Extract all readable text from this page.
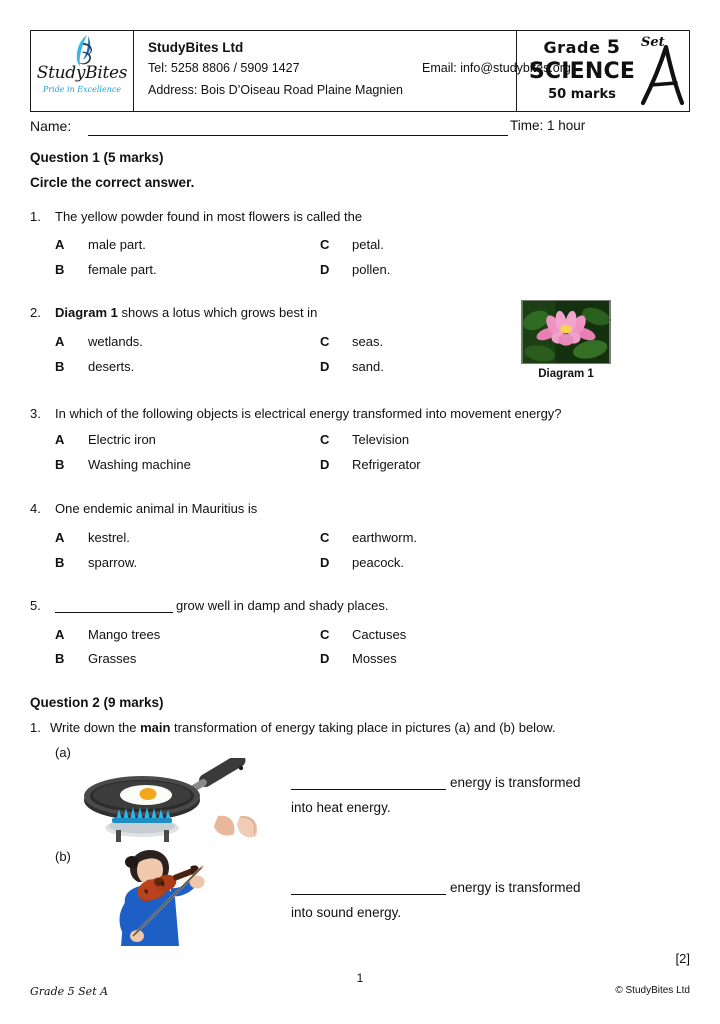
StudyBites
Pride in Excellence
StudyBites Ltd
Tel: 5258 8806 / 5909 1427	Email: info@studybites.org
Address: Bois D’Oiseau Road Plaine Magnien
Grade 5
SCIENCE
50 marks
Set
Name:	Time: 1 hour
Question 1 (5 marks)
Circle the correct answer.
1. The yellow powder found in most flowers is called the
A male part.
B female part.
C petal.
D pollen.
2. Diagram 1 shows a lotus which grows best in
A wetlands.
B deserts.
C seas.
D sand.	Diagram 1
3. In which of the following objects is electrical energy transformed into movement energy?
A Electric iron
B Washing machine
C Television
D Refrigerator
4. One endemic animal in Mauritius is
A kestrel.
B sparrow.
C earthworm.
D peacock.
5.	grow well in damp and shady places.
A Mango trees
B Grasses
C Cactuses
D Mosses
Question 2 (9 marks)
1. Write down the main transformation of energy taking place in pictures (a) and (b) below.
(a)
energy is transformed
into heat energy.
(b)
energy is transformed
into sound energy.
[2]
Grade 5 Set A
1
© StudyBites Ltd
